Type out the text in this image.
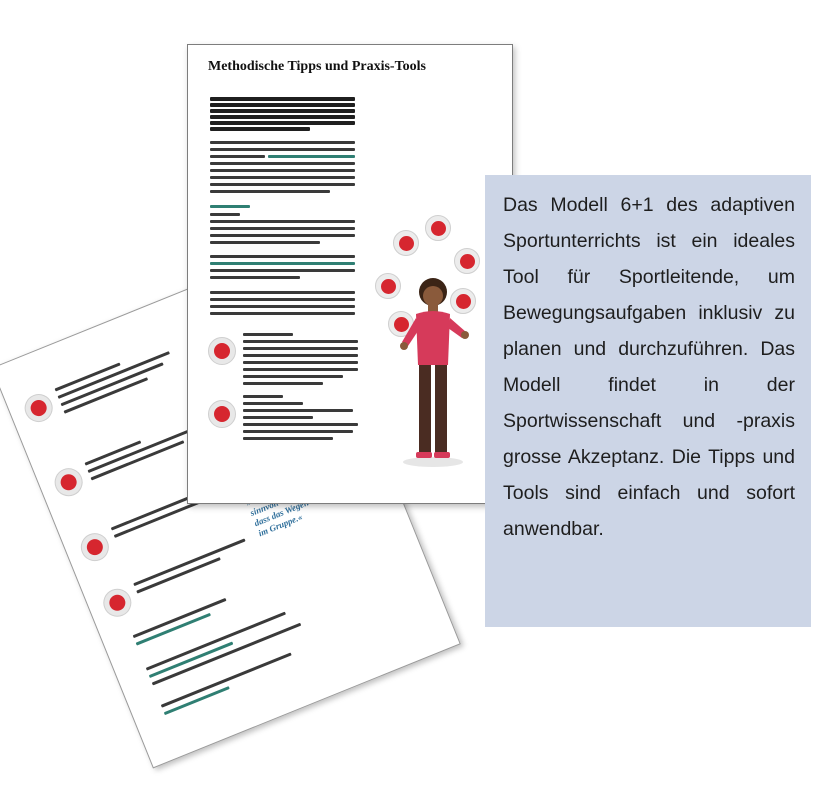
sinnvoll dass das Wegen im Gruppe.«
Methodische Tipps und Praxis-Tools

Das Modell 6+1 des adaptiven Sportunterrichts ist ein ideales Tool für Sportleitende, um Bewegungsaufgaben inklusiv zu planen und durchzuführen. Das Modell findet in der Sportwissenschaft und -praxis grosse Akzeptanz. Die Tipps und Tools sind einfach und sofort anwendbar.
